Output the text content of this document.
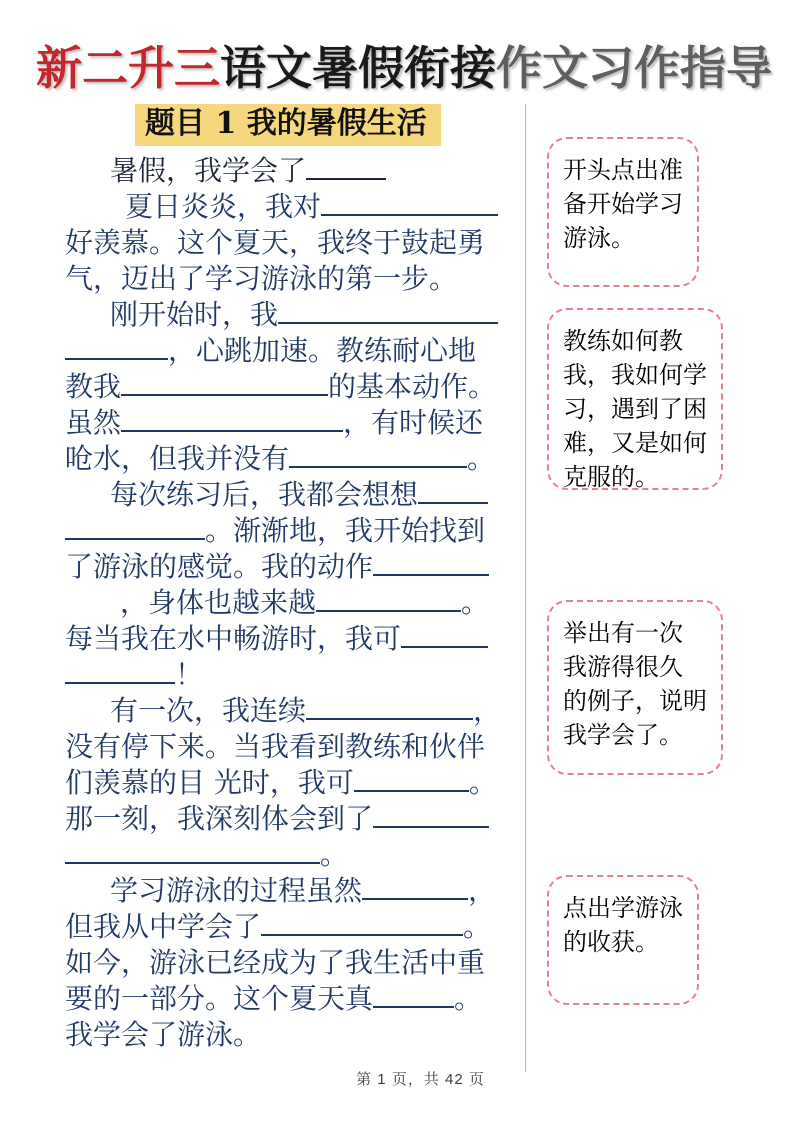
新二升三语文暑假衔接作文习作指导
题目 1 我的暑假生活
暑假，我学会了
夏日炎炎，我对
好羡慕。这个夏天，我终于鼓起勇
气，迈出了学习游泳的第一步。
刚开始时，我
，心跳加速。教练耐心地
教我	的基本动作。
虽然	，有时候还
呛水，但我并没有	。
每次练习后，我都会想想
。渐渐地，我开始找到
了游泳的感觉。我的动作
，身体也越来越	。
每当我在水中畅游时，我可
！
有一次，我连续	，
没有停下来。当我看到教练和伙伴
们羡慕的目 光时，我可	。
那一刻，我深刻体会到了
。
学习游泳的过程虽然	，
但我从中学会了	。
如今，游泳已经成为了我生活中重
要的一部分。这个夏天真	。
我学会了游泳。
开头点出准
备开始学习
游泳。
教练如何教
我，我如何学
习，遇到了困
难，又是如何
克服的。
举出有一次
我游得很久
的例子，说明
我学会了。
点出学游泳
的收获。
第 1 页，共 42 页
